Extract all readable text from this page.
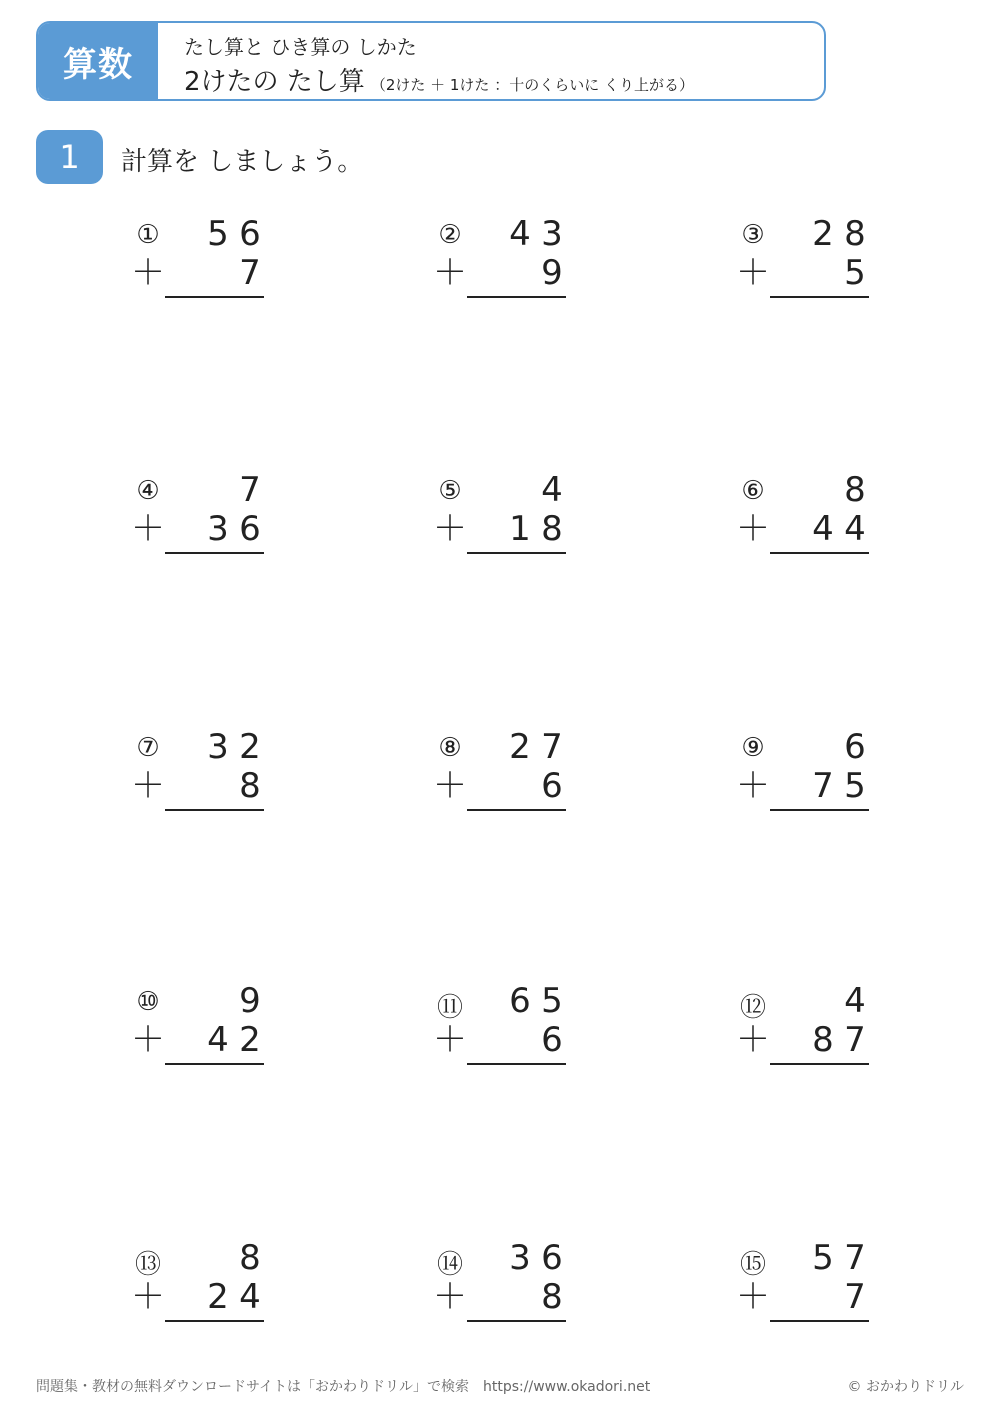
算数	たし算と ひき算の しかた
2けたの たし算 （2けた ＋ 1けた ：十のくらいに くり上がる）
1	計算を しましょう。
① 5 6
7
＋
② 4 3
9
＋
③ 2 8
5
＋
④ 7
3 6
＋
⑤ 4
1 8
＋
⑥ 8
4 4
＋
⑦ 3 2
8
＋
⑧ 2 7
6
＋
⑨ 6
7 5
＋
⑩ 9
4 2
＋
⑪ 6 5
6
＋
⑫ 4
8 7
＋
⑬ 8
2 4
＋
⑭ 3 6
8
＋
⑮ 5 7
7
＋
問題集・教材の無料ダウンロードサイトは「おかわりドリル」で検索　https://www.okadori.net	© おかわりドリル
